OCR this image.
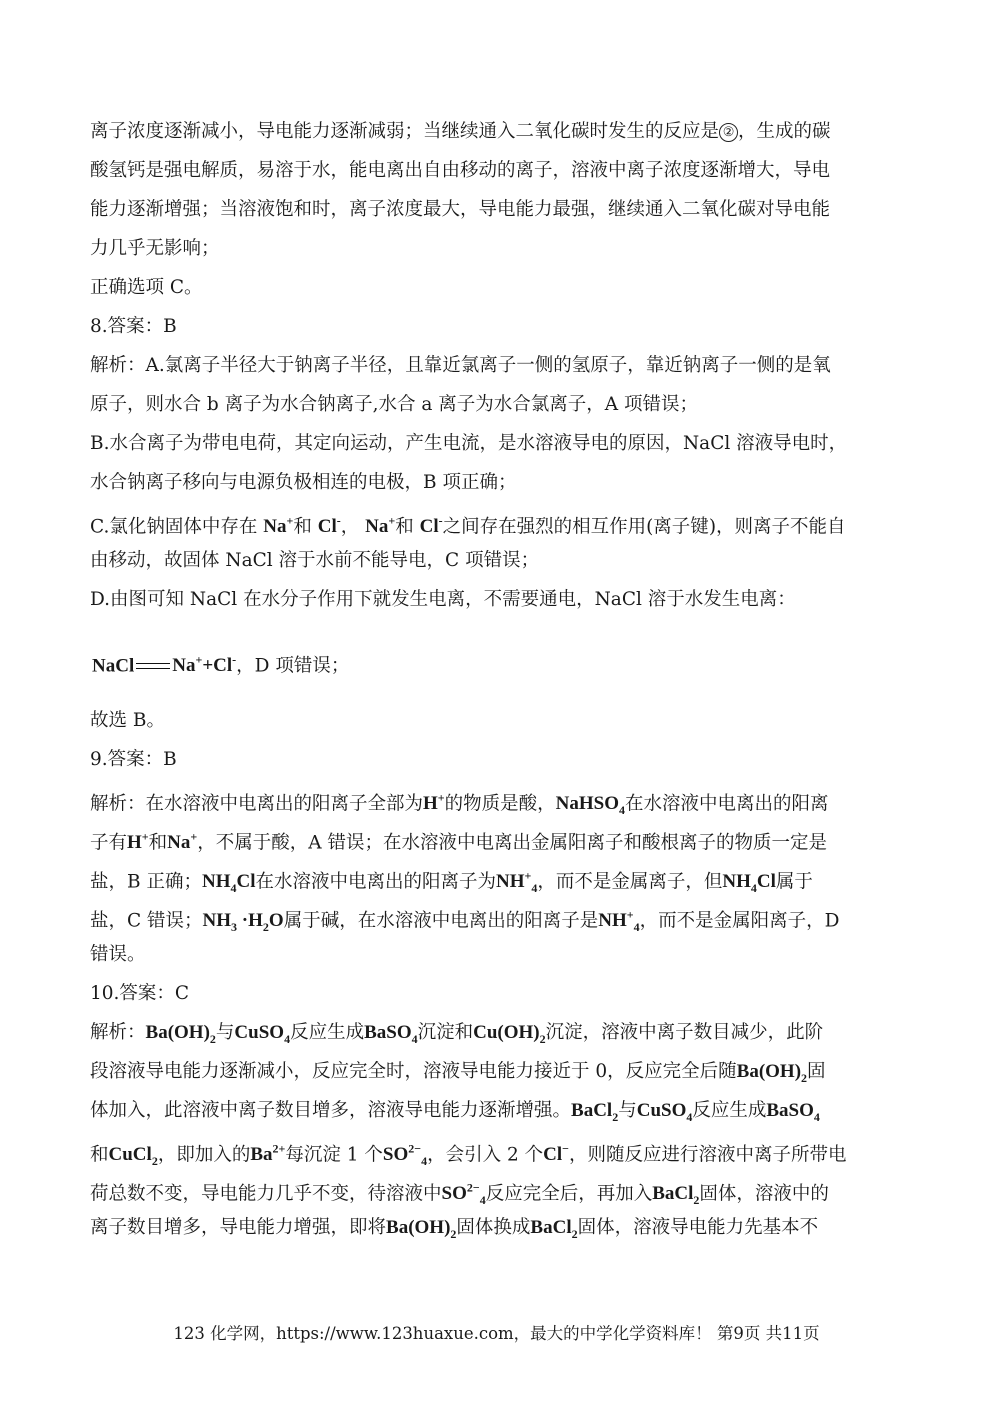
离子浓度逐渐减小，导电能力逐渐减弱；当继续通入二氧化碳时发生的反应是 ② ，生成的碳
酸氢钙是强电解质，易溶于水，能电离出自由移动的离子，溶液中离子浓度逐渐增大，导电
能力逐渐增强；当溶液饱和时，离子浓度最大，导电能力最强，继续通入二氧化碳对导电能
力几乎无影响；
正确选项 C。
8.答案：B
解析：A.氯离子半径大于钠离子半径，且靠近氯离子一侧的氢原子，靠近钠离子一侧的是氧
原子，则水合 b 离子为水合钠离子,水合 a 离子为水合氯离子，A 项错误；
B.水合离子为带电电荷，其定向运动，产生电流，是水溶液导电的原因，NaCl 溶液导电时，
水合钠离子移向与电源负极相连的电极，B 项正确；
C.氯化钠固体中存在 Na+和 Cl-， Na+和 Cl-之间存在强烈的相互作用(离子键)，则离子不能自
由移动，故固体 NaCl 溶于水前不能导电，C 项错误；
D.由图可知 NaCl 在水分子作用下就发生电离，不需要通电，NaCl 溶于水发生电离：
NaCl Na++Cl-，D 项错误；
故选 B。
9.答案：B
解析：在水溶液中电离出的阳离子全部为H+的物质是酸，NaHSO$_4$在水溶液中电离出的阳离
子有H+和Na+，不属于酸，A 错误；在水溶液中电离出金属阳离子和酸根离子的物质一定是
盐，B 正确；$NH_4Cl$在水溶液中电离出的阳离子为$NH^+_4$，而不是金属离子，但$NH_4Cl$属于
盐，C 错误；$NH_3 \cdot H_2O$属于碱，在水溶液中电离出的阳离子是$NH^+_4$，而不是金属阳离子，D
错误。
10.答案：C
解析：$Ba(OH)_2$与CuSO$_4$反应生成BaSO$_4$沉淀和$Cu(OH)_2$沉淀，溶液中离子数目减少，此阶
段溶液导电能力逐渐减小，反应完全时，溶液导电能力接近于 0，反应完全后随$Ba(OH)_2$固
体加入，此溶液中离子数目增多，溶液导电能力逐渐增强。BaCl$_2$与CuSO$_4$反应生成BaSO$_4$
和CuCl$_2$，即加入的$Ba^{2+}$每沉淀 1 个$SO^{2-}_4$，会引入 2 个Cl−，则随反应进行溶液中离子所带电
荷总数不变，导电能力几乎不变，待溶液中$SO^{2-}_4$反应完全后，再加入BaCl$_2$固体，溶液中的
离子数目增多，导电能力增强，即将$Ba(OH)_2$固体换成BaCl$_2$固体，溶液导电能力先基本不
123 化学网，https://www.123huaxue.com，最大的中学化学资料库！ 第9页 共11页
